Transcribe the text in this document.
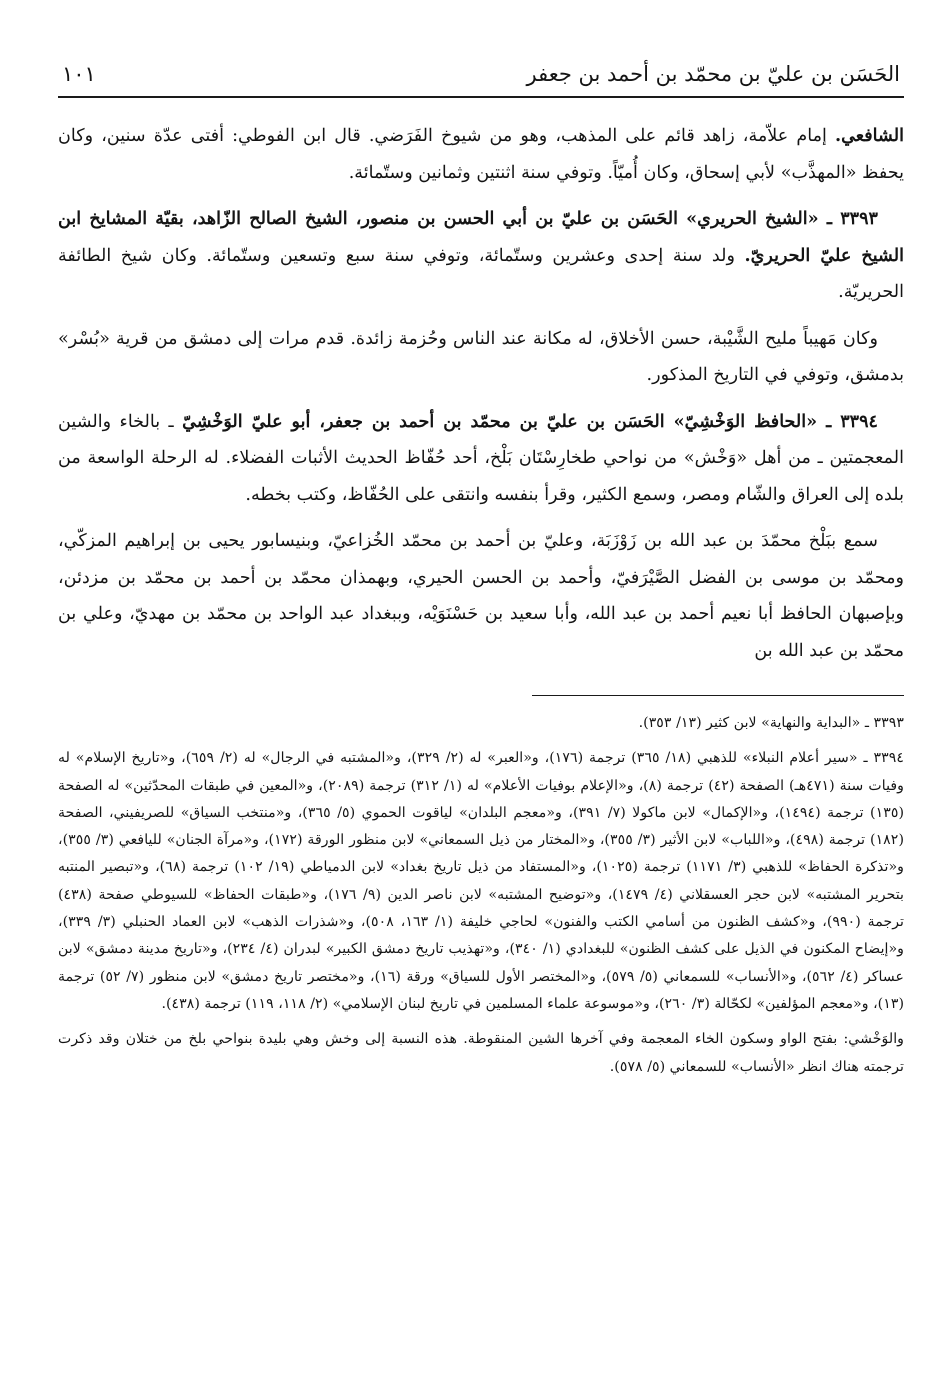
الحَسَن بن عليّ بن محمّد بن أحمد بن جعفر
١٠١

الشافعي. إمام علاّمة، زاهد قائم على المذهب، وهو من شيوخ الفَرَضي. قال ابن الفوطي: أفتى عدّة سنين، وكان يحفظ «المهذَّب» لأبي إسحاق، وكان أُميّاً. وتوفي سنة اثنتين وثمانين وستّمائة.

٣٣٩٣ ـ «الشيخ الحريري» الحَسَن بن عليّ بن أبي الحسن بن منصور، الشيخ الصالح الزّاهد، بقيّة المشايخ ابن الشيخ عليّ الحريريّ. ولد سنة إحدى وعشرين وستّمائة، وتوفي سنة سبع وتسعين وستّمائة. وكان شيخ الطائفة الحريريّة.

وكان مَهيباً مليح الشَّيْبة، حسن الأخلاق، له مكانة عند الناس وحُزمة زائدة. قدم مرات إلى دمشق من قرية «بُسْر» بدمشق، وتوفي في التاريخ المذكور.

٣٣٩٤ ـ «الحافظ الوَخْشِيّ» الحَسَن بن عليّ بن محمّد بن أحمد بن جعفر، أبو عليّ الوَخْشِيّ ـ بالخاء والشين المعجمتين ـ من أهل «وَخْش» من نواحي طخارِسْتَان بَلْخ، أحد حُفّاظ الحديث الأثبات الفضلاء. له الرحلة الواسعة من بلده إلى العراق والشّام ومصر، وسمع الكثير، وقرأ بنفسه وانتقى على الحُفّاظ، وكتب بخطه.

سمع ببَلْخ محمّدَ بن عبد الله بن زَوْزَبَة، وعليّ بن أحمد بن محمّد الخُزاعيّ، وبنيسابور يحيى بن إبراهيم المزكّي، ومحمّد بن موسى بن الفضل الصَّيْرَفيّ، وأحمد بن الحسن الحيري، وبهمذان محمّد بن أحمد بن محمّد بن مزدئن، وبإصبهان الحافظ أبا نعيم أحمد بن عبد الله، وأبا سعيد بن حَسْنَوَيْه، وببغداد عبد الواحد بن محمّد بن مهديّ، وعلي بن محمّد بن عبد الله بن

٣٣٩٣ ـ «البداية والنهاية» لابن كثير (١٣/ ٣٥٣).

٣٣٩٤ ـ «سير أعلام النبلاء» للذهبي (١٨/ ٣٦٥) ترجمة (١٧٦)، و«العبر» له (٢/ ٣٢٩)، و«المشتبه في الرجال» له (٢/ ٦٥٩)، و«تاريخ الإسلام» له وفيات سنة (٤٧١هـ) الصفحة (٤٢) ترجمة (٨)، و«الإعلام بوفيات الأعلام» له (١/ ٣١٢) ترجمة (٢٠٨٩)، و«المعين في طبقات المحدّثين» له الصفحة (١٣٥) ترجمة (١٤٩٤)، و«الإكمال» لابن ماكولا (٧/ ٣٩١)، و«معجم البلدان» لياقوت الحموي (٥/ ٣٦٥)، و«منتخب السياق» للصريفيني، الصفحة (١٨٢) ترجمة (٤٩٨)، و«اللباب» لابن الأثير (٣/ ٣٥٥)، و«المختار من ذيل السمعاني» لابن منظور الورقة (١٧٢)، و«مرآة الجنان» لليافعي (٣/ ٣٥٥)، و«تذكرة الحفاظ» للذهبي (٣/ ١١٧١) ترجمة (١٠٢٥)، و«المستفاد من ذيل تاريخ بغداد» لابن الدمياطي (١٩/ ١٠٢) ترجمة (٦٨)، و«تبصير المنتبه بتحرير المشتبه» لابن حجر العسقلاني (٤/ ١٤٧٩)، و«توضيح المشتبه» لابن ناصر الدين (٩/ ١٧٦)، و«طبقات الحفاظ» للسيوطي صفحة (٤٣٨) ترجمة (٩٩٠)، و«كشف الظنون من أسامي الكتب والفنون» لحاجي خليفة (١/ ١٦٣، ٥٠٨)، و«شذرات الذهب» لابن العماد الحنبلي (٣/ ٣٣٩)، و«إيضاح المكنون في الذيل على كشف الظنون» للبغدادي (١/ ٣٤٠)، و«تهذيب تاريخ دمشق الكبير» لبدران (٤/ ٢٣٤)، و«تاريخ مدينة دمشق» لابن عساكر (٤/ ٥٦٢)، و«الأنساب» للسمعاني (٥/ ٥٧٩)، و«المختصر الأول للسياق» ورقة (١٦)، و«مختصر تاريخ دمشق» لابن منظور (٧/ ٥٢) ترجمة (١٣)، و«معجم المؤلفين» لكحّالة (٣/ ٢٦٠)، و«موسوعة علماء المسلمين في تاريخ لبنان الإسلامي» (٢/ ١١٨، ١١٩) ترجمة (٤٣٨).

والوَخْشي: بفتح الواو وسكون الخاء المعجمة وفي آخرها الشين المنقوطة. هذه النسبة إلى وخش وهي بليدة بنواحي بلخ من ختلان وقد ذكرت ترجمته هناك انظر «الأنساب» للسمعاني (٥/ ٥٧٨).
